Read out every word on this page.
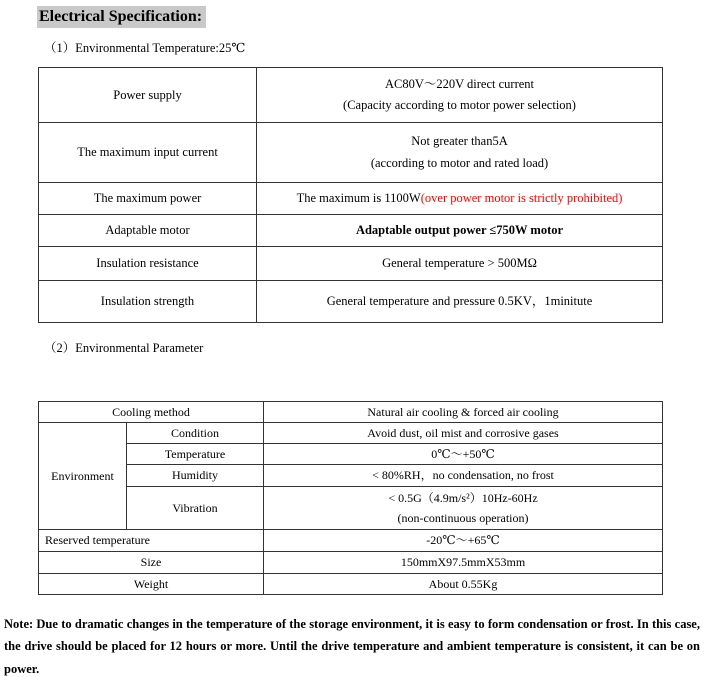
Electrical Specification:
（1）Environmental Temperature:25℃
Power supply	AC80V～220V direct current
(Capacity according to motor power selection)

The maximum input current	Not greater than5A
(according to motor and rated load)

The maximum power	The maximum is 1100W(over power motor is strictly prohibited)
Adaptable motor	Adaptable output power ≤750W motor
Insulation resistance	General temperature > 500MΩ
Insulation strength	General temperature and pressure 0.5KV，1minitute
（2）Environmental Parameter
Cooling method		Natural air cooling & forced air cooling
Environment	Condition	Avoid dust, oil mist and corrosive gases
	Temperature	0℃～+50℃
	Humidity	< 80%RH，no condensation, no frost
	Vibration	< 0.5G（4.9m/s²）10Hz-60Hz
(non-continuous operation)

Reserved temperature		-20℃～+65℃
Size		150mmX97.5mmX53mm
Weight		About 0.55Kg

Note: Due to dramatic changes in the temperature of the storage environment, it is easy to form condensation or frost. In this case, the drive should be placed for 12 hours or more. Until the drive temperature and ambient temperature is consistent, it can be on power.
